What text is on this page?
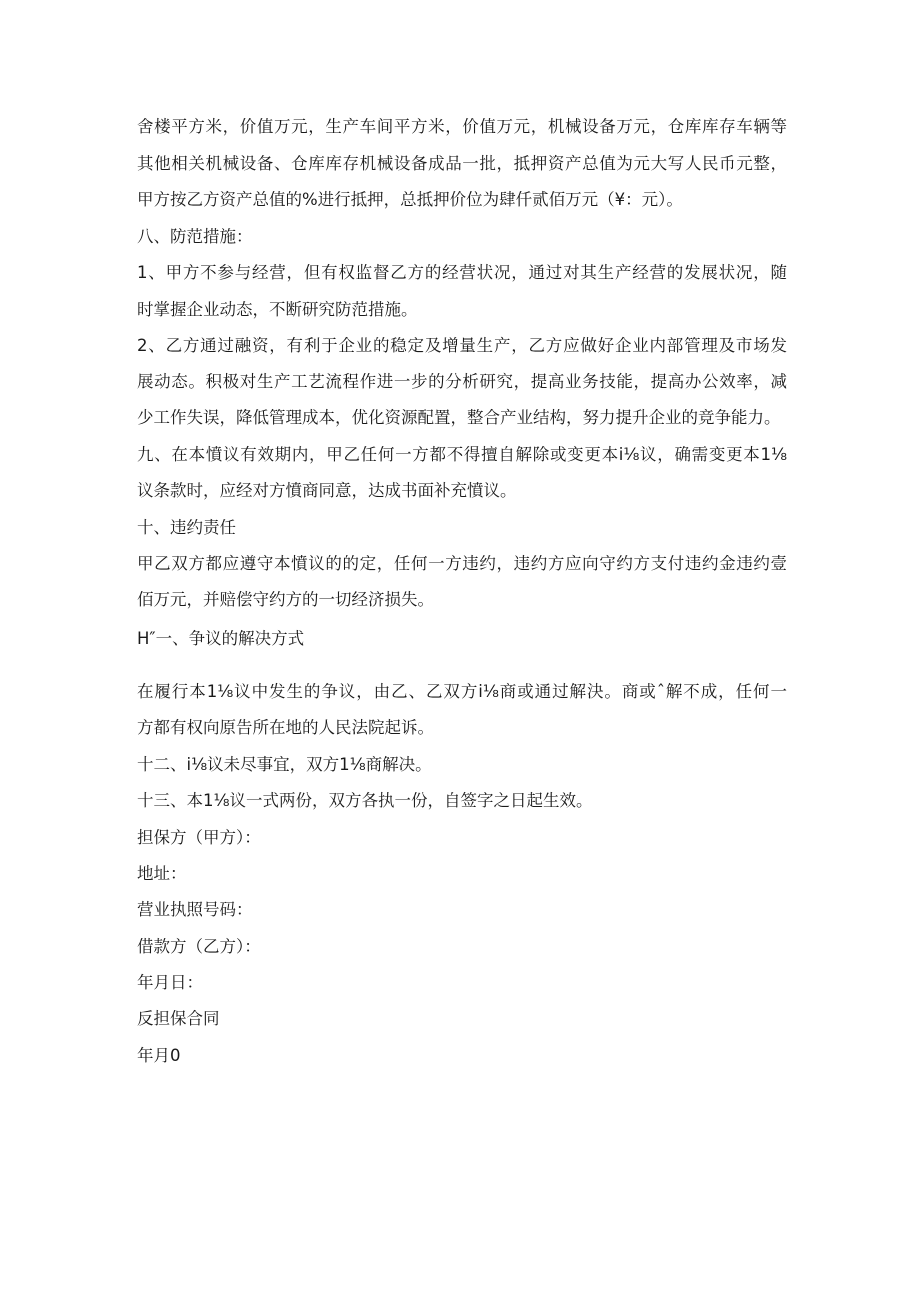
舍楼平方米，价值万元，生产车间平方米，价值万元，机械设备万元，仓库库存车辆等
其他相关机械设备、仓库库存机械设备成品一批，抵押资产总值为元大写人民币元整，
甲方按乙方资产总值的%进行抵押，总抵押价位为肆仟贰佰万元（¥：元）。
八、防范措施：
1、甲方不参与经营，但有权监督乙方的经营状况，通过对其生产经营的发展状况，随
时掌握企业动态，不断研究防范措施。
2、乙方通过融资，有利于企业的稳定及增量生产，乙方应做好企业内部管理及市场发
展动态。积极对生产工艺流程作进一步的分析研究，提高业务技能，提高办公效率，减
少工作失误，降低管理成本，优化资源配置，整合产业结构，努力提升企业的竞争能力。
九、在本憤议有效期内，甲乙任何一方都不得擅自解除或变更本i⅛议，确需变更本1⅛
议条款时，应经对方憤商同意，达成书面补充憤议。
十、违约责任
甲乙双方都应遵守本憤议的的定，任何一方违约，违约方应向守约方支付违约金违约壹
佰万元，并赔偿守约方的一切经济损失。
H″一、争议的解决方式
在履行本1⅛议中发生的争议，由乙、乙双方i⅛商或通过解決。商或ˆ解不成，任何一
方都有权向原告所在地的人民法院起诉。
十二、i⅛议未尽事宜，双方1⅛商解决。
十三、本1⅛议一式两份，双方各执一份，自签字之日起生效。
担保方（甲方）：
地址：
营业执照号码：
借款方（乙方）：
年月日：
反担保合同
年月0
